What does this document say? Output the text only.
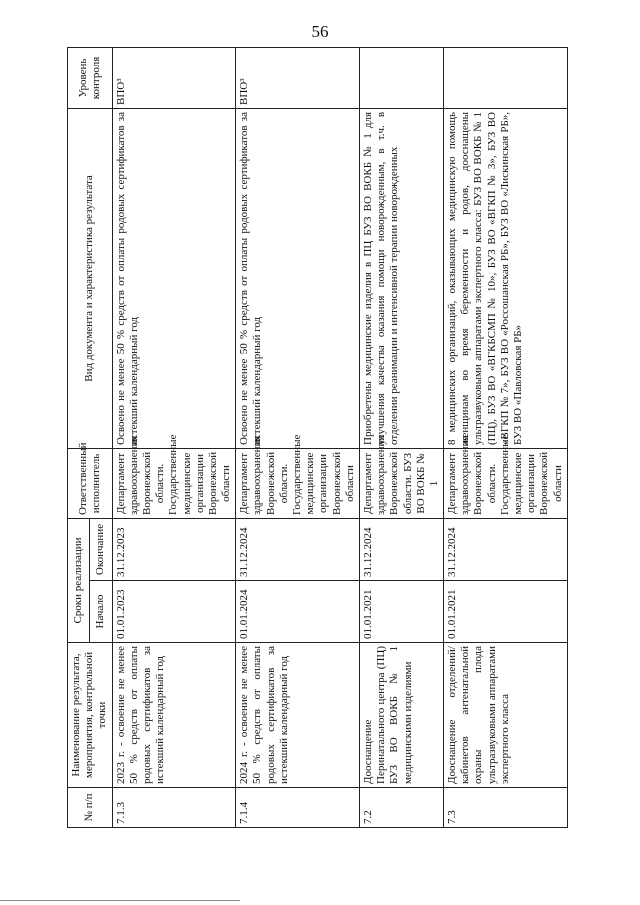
56
№ п/п	Наименование результата, мероприятия, контрольной точки	Сроки реализации		Ответственный исполнитель	Вид документа и характеристика результата	Уровень контроля
		Начало	Окончание			
7.1.3	2023 г. - освоение не менее 50 % средств от оплаты родовых сертификатов за истекший календарный год	01.01.2023	31.12.2023	Департамент здравоохранения Воронежской области. Государственные медицинские организации Воронежской области	Освоено не менее 50 % средств от оплаты родовых сертификатов за истекший календарный год	ВПО³
7.1.4	2024 г. - освоение не менее 50 % средств от оплаты родовых сертификатов за истекший календарный год	01.01.2024	31.12.2024	Департамент здравоохранения Воронежской области. Государственные медицинские организации Воронежской области	Освоено не менее 50 % средств от оплаты родовых сертификатов за истекший календарный год	ВПО³
7.2	Дооснащение Перинатального центра (ПЦ) БУЗ ВО ВОКБ № 1 медицинскими изделиями	01.01.2021	31.12.2024	Департамент здравоохранения Воронежской области. БУЗ ВО ВОКБ № 1	Приобретены медицинские изделия в ПЦ БУЗ ВО ВОКБ № 1 для улучшения качества оказания помощи новорожденным, в т.ч. в отделении реанимации и интенсивной терапии новорожденных	
7.3	Дооснащение отделений/кабинетов антенатальной охраны плода ультразвуковыми аппаратами экспертного класса	01.01.2021	31.12.2024	Департамент здравоохранения Воронежской области. Государственные медицинские организации Воронежской области	8 медицинских организаций, оказывающих медицинскую помощь женщинам во время беременности и родов, дооснащены ультразвуковыми аппаратами экспертного класса: БУЗ ВО ВОКБ № 1 (ПЦ), БУЗ ВО «ВГКБСМП № 10», БУЗ ВО «ВГКП № 3», БУЗ ВО «ВГКП № 7», БУЗ ВО «Россошанская РБ», БУЗ ВО «Лискинская РБ», БУЗ ВО «Павловская РБ»	
